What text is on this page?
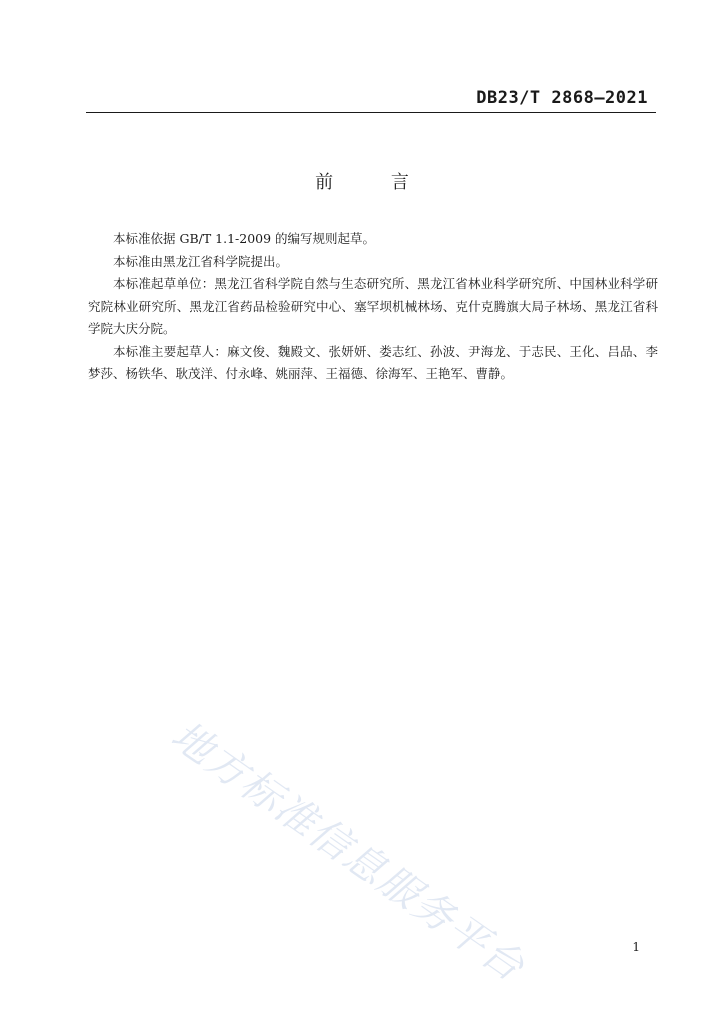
DB23/T 2868—2021
前 言

本标准依据 GB/T 1.1-2009 的编写规则起草。

本标准由黑龙江省科学院提出。

本标准起草单位：黑龙江省科学院自然与生态研究所、黑龙江省林业科学研究所、中国林业科学研究院林业研究所、黑龙江省药品检验研究中心、塞罕坝机械林场、克什克腾旗大局子林场、黑龙江省科学院大庆分院。

本标准主要起草人：麻文俊、魏殿文、张妍妍、娄志红、孙波、尹海龙、于志民、王化、吕品、李梦莎、杨铁华、耿茂洋、付永峰、姚丽萍、王福德、徐海军、王艳军、曹静。

地方标准信息服务平台	1
